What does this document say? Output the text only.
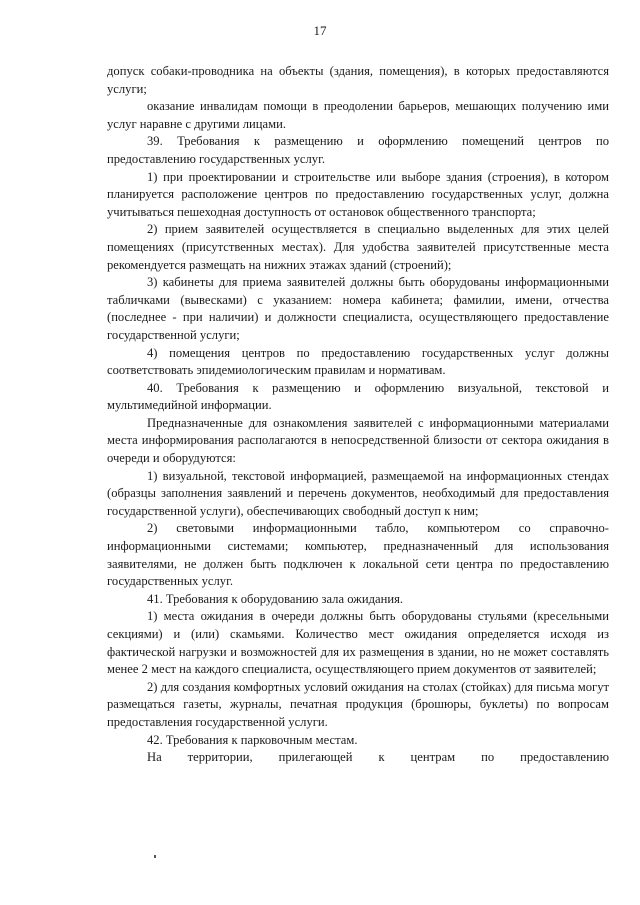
17

допуск собаки-проводника на объекты (здания, помещения), в которых предоставляются услуги;

оказание инвалидам помощи в преодолении барьеров, мешающих получению ими услуг наравне с другими лицами.

39. Требования к размещению и оформлению помещений центров по предоставлению государственных услуг.

1) при проектировании и строительстве или выборе здания (строения), в котором планируется расположение центров по предоставлению государственных услуг, должна учитываться пешеходная доступность от остановок общественного транспорта;

2) прием заявителей осуществляется в специально выделенных для этих целей помещениях (присутственных местах). Для удобства заявителей присутственные места рекомендуется размещать на нижних этажах зданий (строений);

3) кабинеты для приема заявителей должны быть оборудованы информационными табличками (вывесками) с указанием: номера кабинета; фамилии, имени, отчества (последнее - при наличии) и должности специалиста, осуществляющего предоставление государственной услуги;

4) помещения центров по предоставлению государственных услуг должны соответствовать эпидемиологическим правилам и нормативам.

40. Требования к размещению и оформлению визуальной, текстовой и мультимедийной информации.

Предназначенные для ознакомления заявителей с информационными материалами места информирования располагаются в непосредственной близости от сектора ожидания в очереди и оборудуются:

1) визуальной, текстовой информацией, размещаемой на информационных стендах (образцы заполнения заявлений и перечень документов, необходимый для предоставления государственной услуги), обеспечивающих свободный доступ к ним;

2) световыми информационными табло, компьютером со справочно-информационными системами; компьютер, предназначенный для использования заявителями, не должен быть подключен к локальной сети центра по предоставлению государственных услуг.

41. Требования к оборудованию зала ожидания.

1) места ожидания в очереди должны быть оборудованы стульями (кресельными секциями) и (или) скамьями. Количество мест ожидания определяется исходя из фактической нагрузки и возможностей для их размещения в здании, но не может составлять менее 2 мест на каждого специалиста, осуществляющего прием документов от заявителей;

2) для создания комфортных условий ожидания на столах (стойках) для письма могут размещаться газеты, журналы, печатная продукция (брошюры, буклеты) по вопросам предоставления государственной услуги.

42. Требования к парковочным местам.

На территории, прилегающей к центрам по предоставлению
